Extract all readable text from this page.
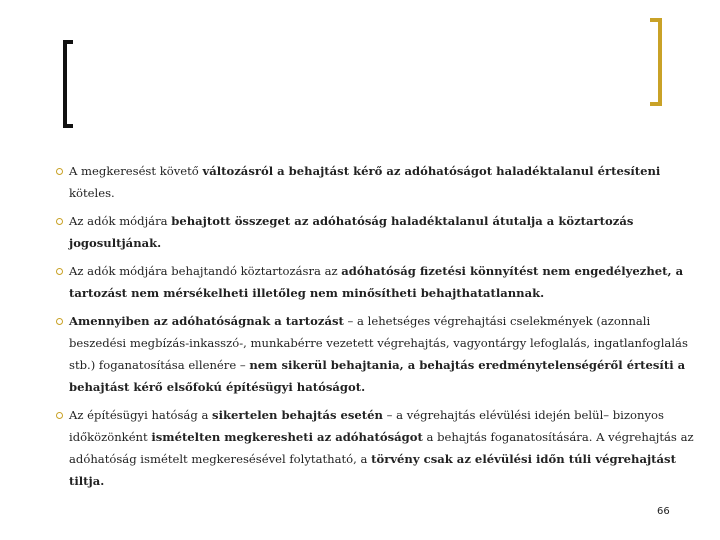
A megkeresést követő változásról a behajtást kérő az adóhatóságot haladéktalanul értesíteni köteles.
Az adók módjára behajtott összeget az adóhatóság haladéktalanul átutalja a köztartozás jogosultjának.
Az adók módjára behajtandó köztartozásra az adóhatóság fizetési könnyítést nem engedélyezhet, a tartozást nem mérsékelheti illetőleg nem minősítheti behajthatatlannak.
Amennyiben az adóhatóságnak a tartozást – a lehetséges végrehajtási cselekmények (azonnali beszedési megbízás-inkasszó-, munkabérre vezetett végrehajtás, vagyontárgy lefoglalás, ingatlanfoglalás stb.) foganatosítása ellenére – nem sikerül behajtania, a behajtás eredménytelenségéről értesíti a behajtást kérő elsőfokú építésügyi hatóságot.
Az építésügyi hatóság a sikertelen behajtás esetén – a végrehajtás elévülési idején belül– bizonyos időközönként ismételten megkeresheti az adóhatóságot a behajtás foganatosítására. A végrehajtás az adóhatóság ismételt megkeresésével folytatható, a törvény csak az elévülési időn túli végrehajtást tiltja.
66
